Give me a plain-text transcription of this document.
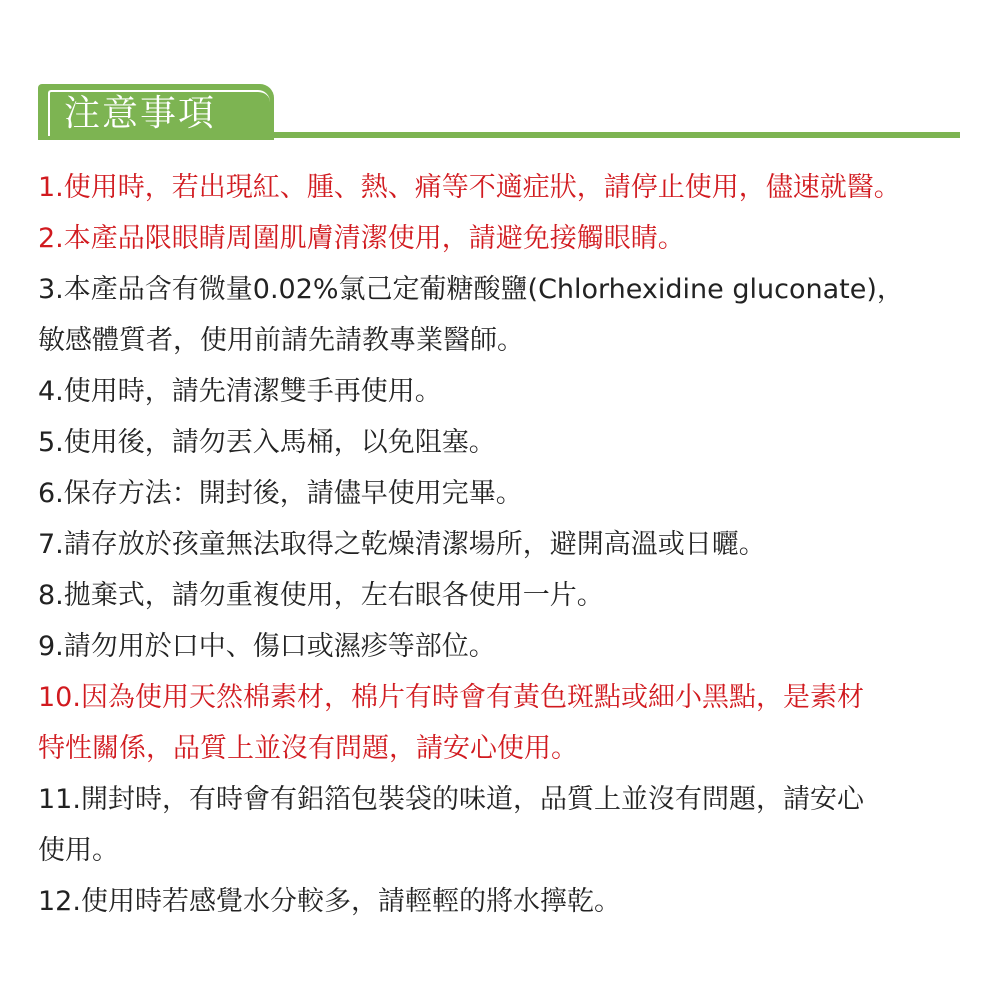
注意事項
1.使用時，若出現紅、腫、熱、痛等不適症狀，請停止使用，儘速就醫。
2.本產品限眼睛周圍肌膚清潔使用，請避免接觸眼睛。
3.本產品含有微量0.02%氯己定葡糖酸鹽(Chlorhexidine gluconate)，
敏感體質者，使用前請先請教專業醫師。
4.使用時，請先清潔雙手再使用。
5.使用後，請勿丟入馬桶，以免阻塞。
6.保存方法：開封後，請儘早使用完畢。
7.請存放於孩童無法取得之乾燥清潔場所，避開高溫或日曬。
8.拋棄式，請勿重複使用，左右眼各使用一片。
9.請勿用於口中、傷口或濕疹等部位。
10.因為使用天然棉素材，棉片有時會有黃色斑點或細小黑點，是素材
特性關係，品質上並沒有問題，請安心使用。
11.開封時，有時會有鋁箔包裝袋的味道，品質上並沒有問題，請安心
使用。
12.使用時若感覺水分較多，請輕輕的將水擰乾。
